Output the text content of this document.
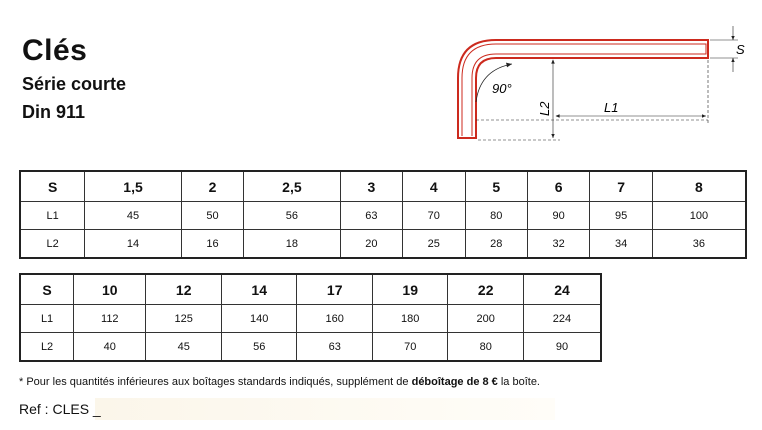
Clés
Série courte
Din 911
90°
S
L2	L1
S	1,5	2	2,5	3	4	5	6	7	8
L1	45	50	56	63	70	80	90	95	100
L2	14	16	18	20	25	28	32	34	36
S	10	12	14	17	19	22	24
L1	112	125	140	160	180	200	224
L2	40	45	56	63	70	80	90
* Pour les quantités inférieures aux boîtages standards indiqués, supplément de déboîtage de 8 € la boîte.
Ref : CLES _
